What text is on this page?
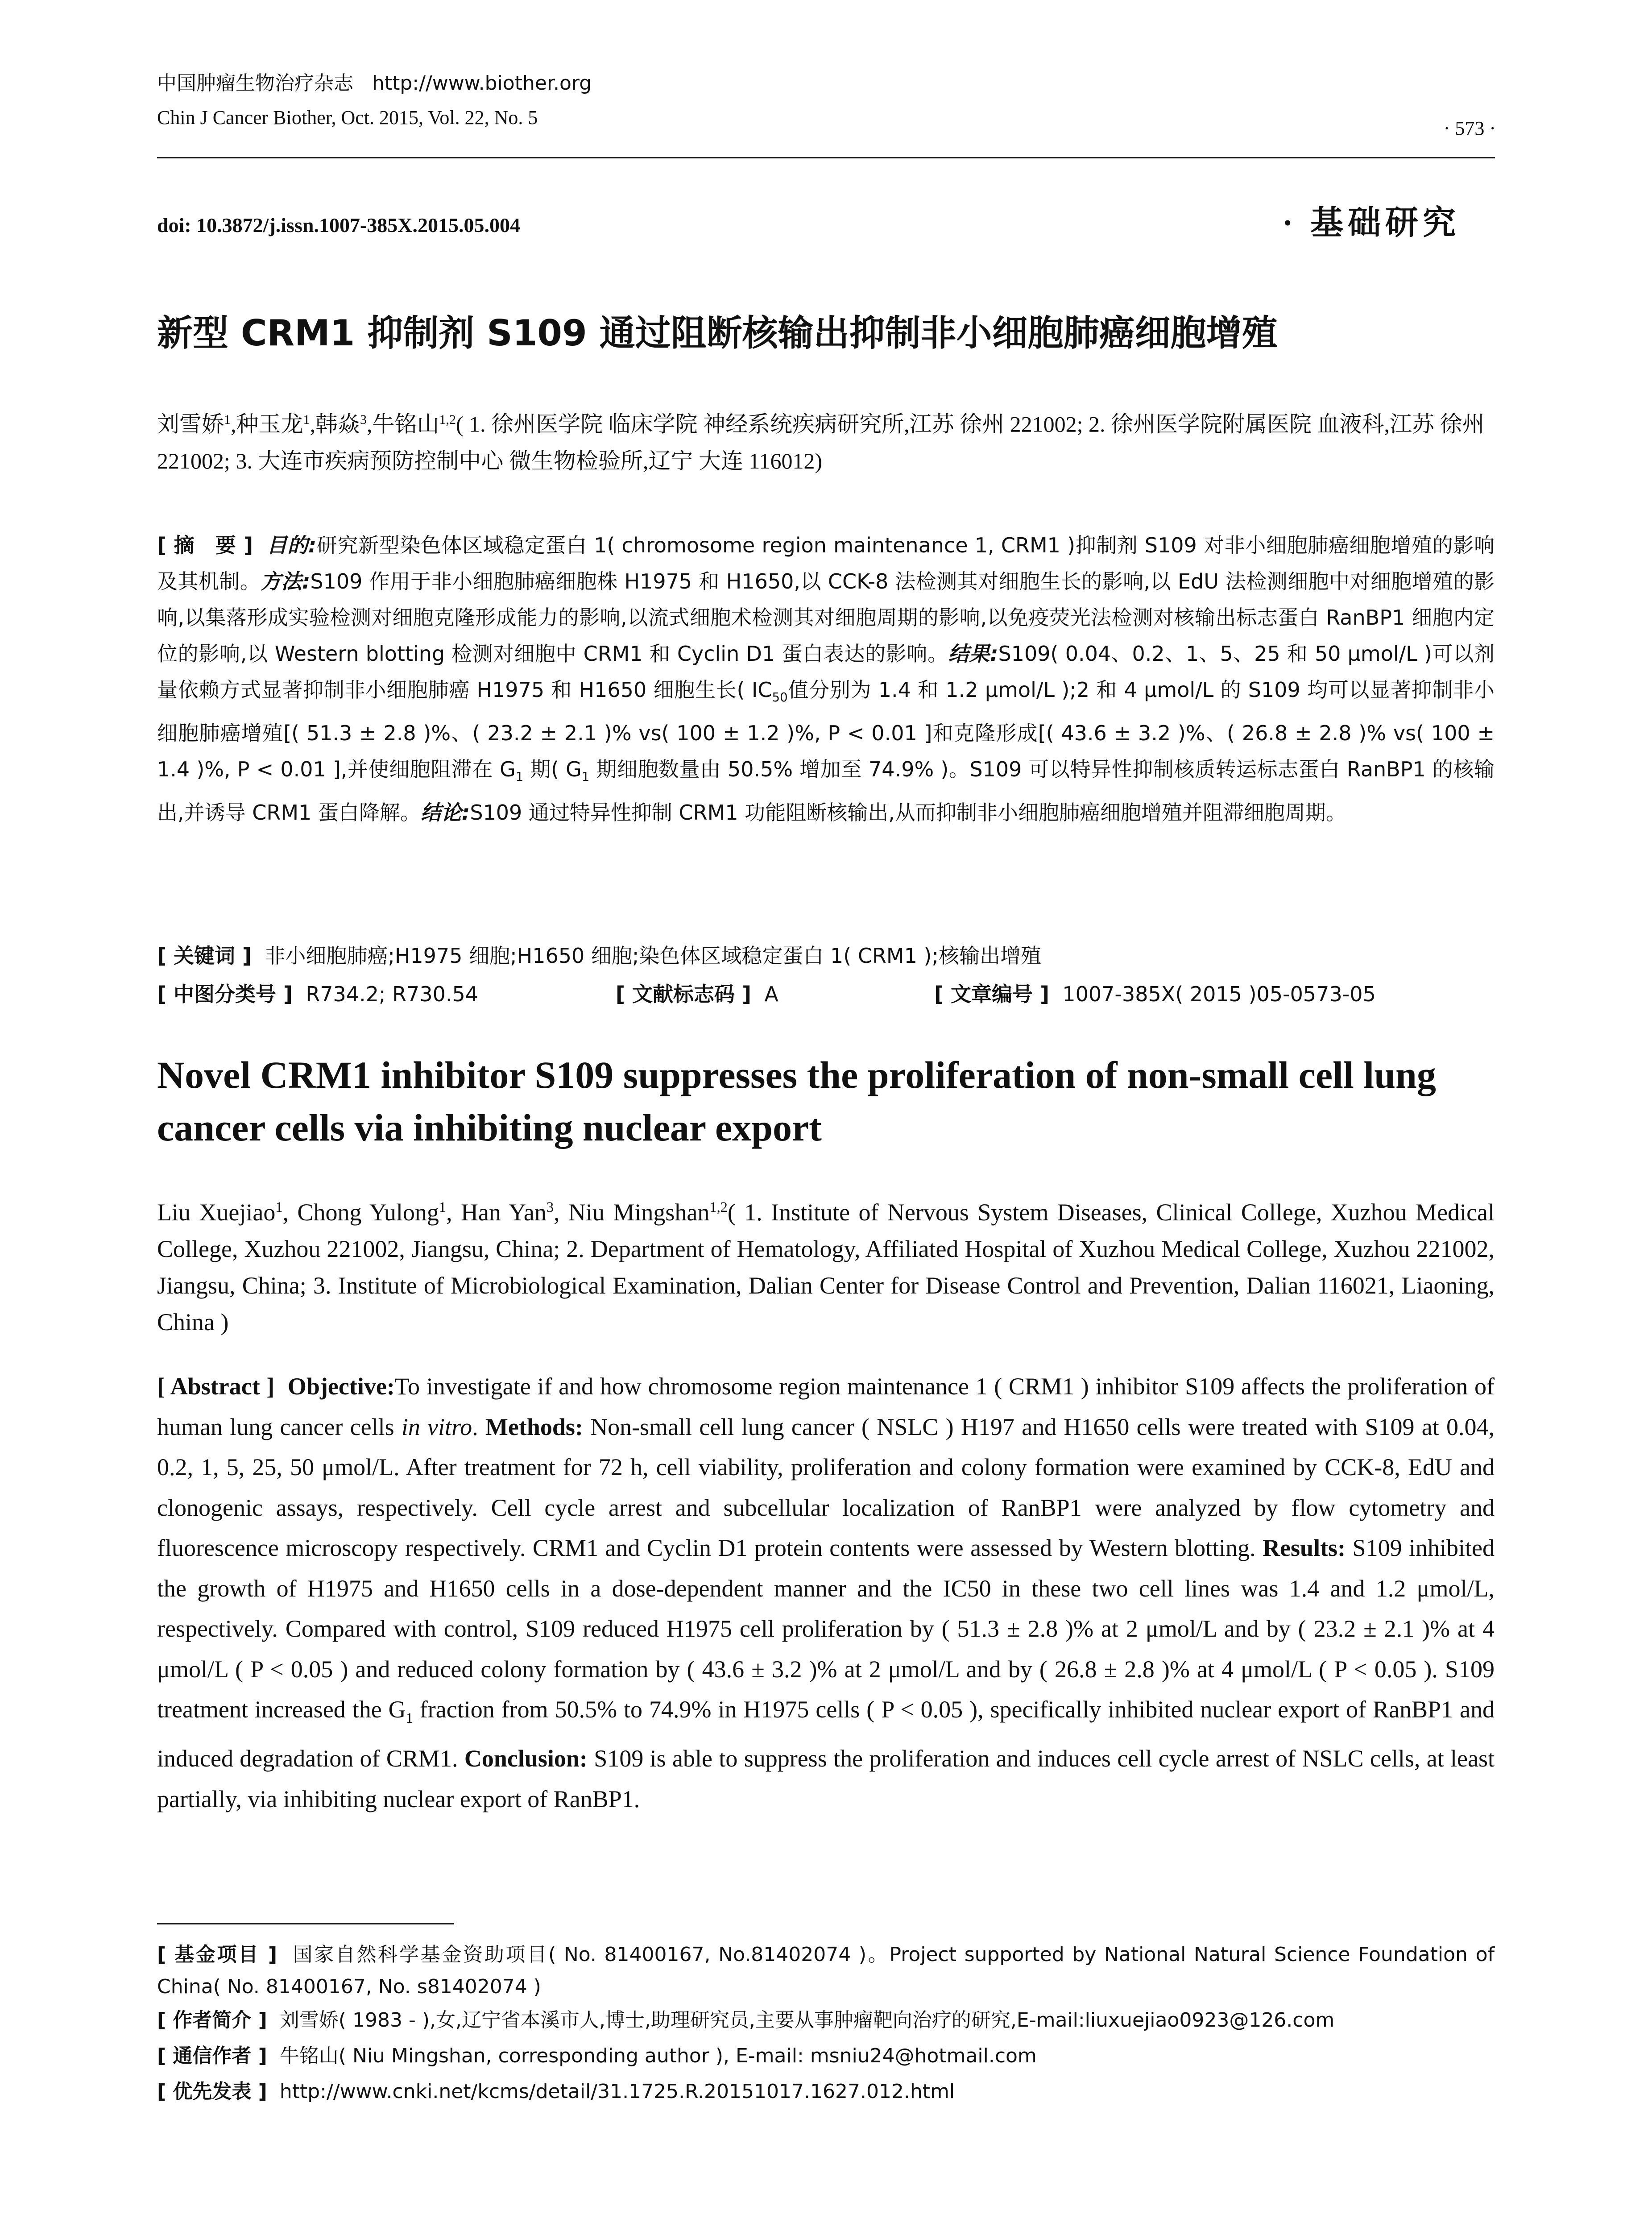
中国肿瘤生物治疗杂志   http://www.biother.org
Chin J Cancer Biother, Oct. 2015, Vol. 22, No. 5	· 573 ·
doi: 10.3872/j.issn.1007-385X.2015.05.004	· 基础研究
新型 CRM1 抑制剂 S109 通过阻断核输出抑制非小细胞肺癌细胞增殖
刘雪娇$^1$,种玉龙$^1$,韩焱$^3$,牛铭山$^{1,2}$( 1. 徐州医学院 临床学院 神经系统疾病研究所,江苏 徐州 221002; 2. 徐州医学院附属医院 血液科,江苏 徐州 221002; 3. 大连市疾病预防控制中心 微生物检验所,辽宁 大连 116012)
[ 摘　要 ] 目的:研究新型染色体区域稳定蛋白 1( chromosome region maintenance 1, CRM1 )抑制剂 S109 对非小细胞肺癌细胞增殖的影响及其机制。方法:S109 作用于非小细胞肺癌细胞株 H1975 和 H1650,以 CCK-8 法检测其对细胞生长的影响,以 EdU 法检测细胞中对细胞增殖的影响,以集落形成实验检测对细胞克隆形成能力的影响,以流式细胞术检测其对细胞周期的影响,以免疫荧光法检测对核输出标志蛋白 RanBP1 细胞内定位的影响,以 Western blotting 检测对细胞中 CRM1 和 Cyclin D1 蛋白表达的影响。结果:S109( 0.04、0.2、1、5、25 和 50 μmol/L )可以剂量依赖方式显著抑制非小细胞肺癌 H1975 和 H1650 细胞生长( $IC_{50}$值分别为 1.4 和 1.2 μmol/L );2 和 4 μmol/L 的 S109 均可以显著抑制非小细胞肺癌增殖[( 51.3 ± 2.8 )%、( 23.2 ± 2.1 )% vs( 100 ± 1.2 )%, P < 0.01 ]和克隆形成[( 43.6 ± 3.2 )%、( 26.8 ± 2.8 )% vs( 100 ± 1.4 )%, P < 0.01 ],并使细胞阻滞在 $G_1$ 期( $G_1$ 期细胞数量由 50.5% 增加至 74.9% )。S109 可以特异性抑制核质转运标志蛋白 RanBP1 的核输出,并诱导 CRM1 蛋白降解。结论:S109 通过特异性抑制 CRM1 功能阻断核输出,从而抑制非小细胞肺癌细胞增殖并阻滞细胞周期。
[ 关键词 ] 非小细胞肺癌;H1975 细胞;H1650 细胞;染色体区域稳定蛋白 1( CRM1 );核输出增殖
[ 中图分类号 ] R734.2; R730.54	[ 文献标志码 ] A	[ 文章编号 ] 1007-385X( 2015 )05-0573-05
Novel CRM1 inhibitor S109 suppresses the proliferation of non-small cell lung cancer cells via inhibiting nuclear export
Liu Xuejiao$^1$, Chong Yulong$^1$, Han Yan$^3$, Niu Mingshan$^{1,2}$( 1. Institute of Nervous System Diseases, Clinical College, Xuzhou Medical College, Xuzhou 221002, Jiangsu, China; 2. Department of Hematology, Affiliated Hospital of Xuzhou Medical College, Xuzhou 221002, Jiangsu, China; 3. Institute of Microbiological Examination, Dalian Center for Disease Control and Prevention, Dalian 116021, Liaoning, China )
[ Abstract ] Objective:To investigate if and how chromosome region maintenance 1 ( CRM1 ) inhibitor S109 affects the proliferation of human lung cancer cells in vitro. Methods: Non-small cell lung cancer ( NSLC ) H197 and H1650 cells were treated with S109 at 0.04, 0.2, 1, 5, 25, 50 μmol/L. After treatment for 72 h, cell viability, proliferation and colony formation were examined by CCK-8, EdU and clonogenic assays, respectively. Cell cycle arrest and subcellular localization of RanBP1 were analyzed by flow cytometry and fluorescence microscopy respectively. CRM1 and Cyclin D1 protein contents were assessed by Western blotting. Results: S109 inhibited the growth of H1975 and H1650 cells in a dose-dependent manner and the IC50 in these two cell lines was 1.4 and 1.2 μmol/L, respectively. Compared with control, S109 reduced H1975 cell proliferation by ( 51.3 ± 2.8 )% at 2 μmol/L and by ( 23.2 ± 2.1 )% at 4 μmol/L ( P < 0.05 ) and reduced colony formation by ( 43.6 ± 3.2 )% at 2 μmol/L and by ( 26.8 ± 2.8 )% at 4 μmol/L ( P < 0.05 ). S109 treatment increased the $G_1$ fraction from 50.5% to 74.9% in H1975 cells ( P < 0.05 ), specifically inhibited nuclear export of RanBP1 and induced degradation of CRM1. Conclusion: S109 is able to suppress the proliferation and induces cell cycle arrest of NSLC cells, at least partially, via inhibiting nuclear export of RanBP1.
[ 基金项目 ] 国家自然科学基金资助项目( No. 81400167, No.81402074 )。Project supported by National Natural Science Foundation of China( No. 81400167, No. s81402074 )
[ 作者简介 ] 刘雪娇( 1983 - ),女,辽宁省本溪市人,博士,助理研究员,主要从事肿瘤靶向治疗的研究,E-mail:liuxuejiao0923@126.com
[ 通信作者 ] 牛铭山( Niu Mingshan, corresponding author ), E-mail: msniu24@hotmail.com
[ 优先发表 ] http://www.cnki.net/kcms/detail/31.1725.R.20151017.1627.012.html
